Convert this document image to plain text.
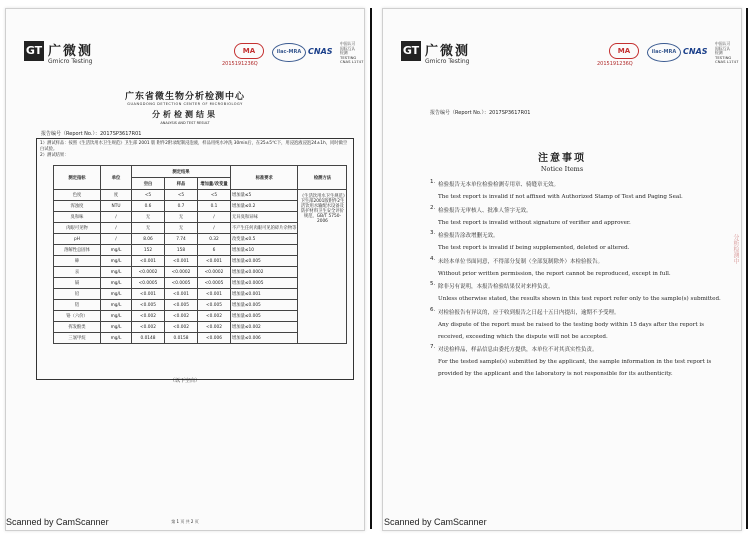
GT 广微测
Gmicro Testing
MA
2015191236Q
ilac-MRA CNAS
中国认可
国际互认
检测
TESTING
CNAS L1747
广东省微生物分析检测中心
GUANGDONG DETECTION CENTER OF MICROBIOLOGY
分析检测结果
ANALYSIS AND TEST RESULT
报告编号（Report No.）：2017SP3617R01
1）测试样品：按照《生活饮用水卫生规范》卫生部 2001 版 附件2附录配制浸泡液，样品用纯水冲洗 30min后，在25±5℃下，用浸泡液浸泡24±1h，同时做空白试验。
2）测试结果：
测定指标	单位	测定结果			标准要求	检测方法
		空白	样品	增加量/改变量		
色度	度	<5	<5	<5	增加量≤5	《生活饮用水卫生规范》卫生部2001版附件2生活饮用水输配水设备及防护材料卫生安全评价规范、GB/T 5750-2006
浑浊度	NTU	0.6	0.7	0.1	增加量≤0.2	
臭和味	/	无	无	/	无异臭和异味	
肉眼可见物	/	无	无	/	不产生任何肉眼可见的碎片杂物等	
pH	/	8.06	7.74	0.32	改变量≤0.5	
溶解性总固体	mg/L	152	158	6	增加量≤10	
砷	mg/L	<0.001	<0.001	<0.001	增加量≤0.005	
汞	mg/L	<0.0002	<0.0002	<0.0002	增加量≤0.0002	
镉	mg/L	<0.0005	<0.0005	<0.0005	增加量≤0.0005	
铅	mg/L	<0.001	<0.001	<0.001	增加量≤0.001	
铝	mg/L	<0.005	<0.005	<0.005	增加量≤0.005	
铬（六价）	mg/L	<0.002	<0.002	<0.002	增加量≤0.005	
挥发酚类	mg/L	<0.002	<0.002	<0.002	增加量≤0.002	
三氯甲烷	mg/L	0.0148	0.0158	<0.006	增加量≤0.006	
（以下空白）
第 1 页 共 2 页
GT 广微测
Gmicro Testing
MA
2015191236Q
ilac-MRA CNAS
中国认可
国际互认
检测
TESTING
CNAS L1747
报告编号（Report No.）：2017SP3617R01
注意事项
Notice Items
1. 检验报告无本单位检验检测专用章、骑缝章无效。
The test report is invalid if not affixed with Authorized Stamp of Test and Paging Seal.
2. 检验报告无审核人、批准人签字无效。
The test report is invalid without signature of verifier and approver.
3. 检验报告涂改增删无效。
The test report is invalid if being supplemented, deleted or altered.
4. 未经本单位书面同意，不得部分复制（全部复制除外）本检验报告。
Without prior written permission, the report cannot be reproduced, except in full.
5. 除非另有说明，本报告检验结果仅对来样负责。
Unless otherwise stated, the results shown in this test report refer only to the sample(s) submitted.
6. 对检验报告有异议的，应于收到报告之日起十五日内提出，逾期不予受理。
Any dispute of the report must be raised to the testing body within 15 days after the report is received, exceeding which the dispute will not be accepted.
7. 对送检样品，样品信息由委托方提供，本单位不对其真实性负责。
For the tested sample(s) submitted by the applicant, the sample information in the test report is provided by the applicant and the laboratory is not responsible for its authenticity.
分析检测中
Scanned by CamScanner	Scanned by CamScanner
